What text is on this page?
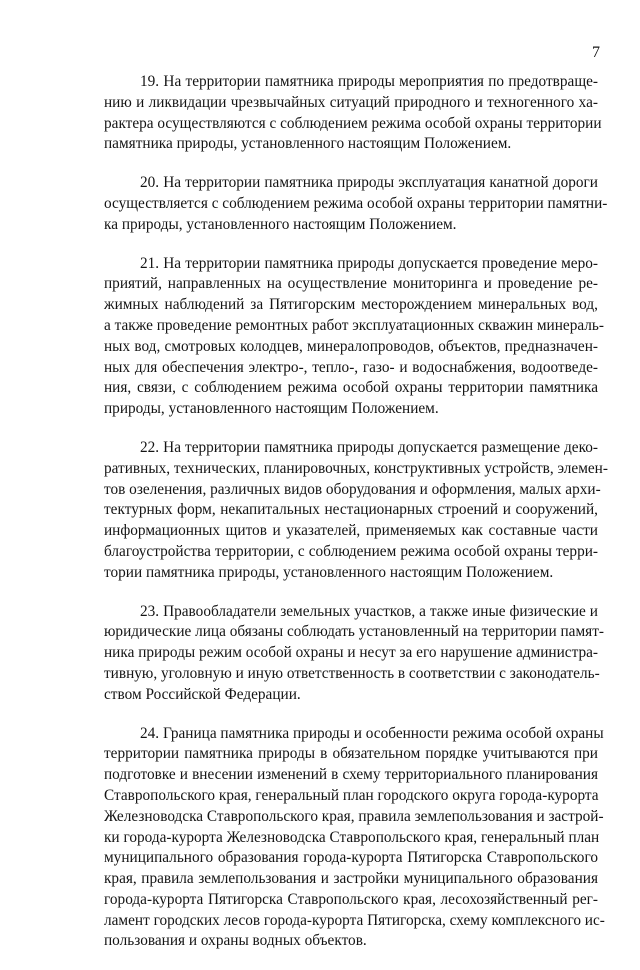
7

19. На территории памятника природы мероприятия по предотвраще-
нию и ликвидации чрезвычайных ситуаций природного и техногенного ха-
рактера осуществляются с соблюдением режима особой охраны территории
памятника природы, установленного настоящим Положением.

20. На территории памятника природы эксплуатация канатной дороги
осуществляется с соблюдением режима особой охраны территории памятни-
ка природы, установленного настоящим Положением.

21. На территории памятника природы допускается проведение меро-
приятий, направленных на осуществление мониторинга и проведение ре-
жимных наблюдений за Пятигорским месторождением минеральных вод,
а также проведение ремонтных работ эксплуатационных скважин минераль-
ных вод, смотровых колодцев, минералопроводов, объектов, предназначен-
ных для обеспечения электро-, тепло-, газо- и водоснабжения, водоотведе-
ния, связи, с соблюдением режима особой охраны территории памятника
природы, установленного настоящим Положением.

22. На территории памятника природы допускается размещение деко-
ративных, технических, планировочных, конструктивных устройств, элемен-
тов озеленения, различных видов оборудования и оформления, малых архи-
тектурных форм, некапитальных нестационарных строений и сооружений,
информационных щитов и указателей, применяемых как составные части
благоустройства территории, с соблюдением режима особой охраны терри-
тории памятника природы, установленного настоящим Положением.

23. Правообладатели земельных участков, а также иные физические и
юридические лица обязаны соблюдать установленный на территории памят-
ника природы режим особой охраны и несут за его нарушение администра-
тивную, уголовную и иную ответственность в соответствии с законодатель-
ством Российской Федерации.

24. Граница памятника природы и особенности режима особой охраны
территории памятника природы в обязательном порядке учитываются при
подготовке и внесении изменений в схему территориального планирования
Ставропольского края, генеральный план городского округа города-курорта
Железноводска Ставропольского края, правила землепользования и застрой-
ки города-курорта Железноводска Ставропольского края, генеральный план
муниципального образования города-курорта Пятигорска Ставропольского
края, правила землепользования и застройки муниципального образования
города-курорта Пятигорска Ставропольского края, лесохозяйственный рег-
ламент городских лесов города-курорта Пятигорска, схему комплексного ис-
пользования и охраны водных объектов.
